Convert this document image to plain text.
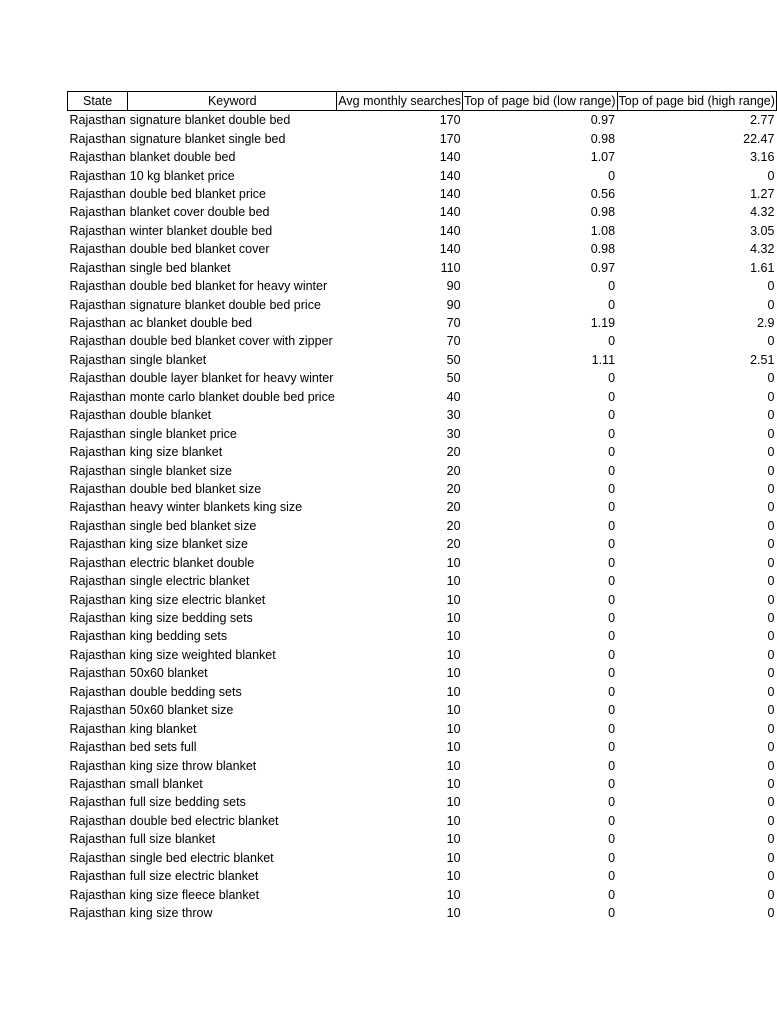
State	Keyword	Avg monthly searches	Top of page bid (low range)	Top of page bid (high range)
Rajasthan	signature blanket double bed	170	0.97	2.77
Rajasthan	signature blanket single bed	170	0.98	22.47
Rajasthan	blanket double bed	140	1.07	3.16
Rajasthan	10 kg blanket price	140	0	0
Rajasthan	double bed blanket price	140	0.56	1.27
Rajasthan	blanket cover double bed	140	0.98	4.32
Rajasthan	winter blanket double bed	140	1.08	3.05
Rajasthan	double bed blanket cover	140	0.98	4.32
Rajasthan	single bed blanket	110	0.97	1.61
Rajasthan	double bed blanket for heavy winter	90	0	0
Rajasthan	signature blanket double bed price	90	0	0
Rajasthan	ac blanket double bed	70	1.19	2.9
Rajasthan	double bed blanket cover with zipper	70	0	0
Rajasthan	single blanket	50	1.11	2.51
Rajasthan	double layer blanket for heavy winter	50	0	0
Rajasthan	monte carlo blanket double bed price	40	0	0
Rajasthan	double blanket	30	0	0
Rajasthan	single blanket price	30	0	0
Rajasthan	king size blanket	20	0	0
Rajasthan	single blanket size	20	0	0
Rajasthan	double bed blanket size	20	0	0
Rajasthan	heavy winter blankets king size	20	0	0
Rajasthan	single bed blanket size	20	0	0
Rajasthan	king size blanket size	20	0	0
Rajasthan	electric blanket double	10	0	0
Rajasthan	single electric blanket	10	0	0
Rajasthan	king size electric blanket	10	0	0
Rajasthan	king size bedding sets	10	0	0
Rajasthan	king bedding sets	10	0	0
Rajasthan	king size weighted blanket	10	0	0
Rajasthan	50x60 blanket	10	0	0
Rajasthan	double bedding sets	10	0	0
Rajasthan	50x60 blanket size	10	0	0
Rajasthan	king blanket	10	0	0
Rajasthan	bed sets full	10	0	0
Rajasthan	king size throw blanket	10	0	0
Rajasthan	small blanket	10	0	0
Rajasthan	full size bedding sets	10	0	0
Rajasthan	double bed electric blanket	10	0	0
Rajasthan	full size blanket	10	0	0
Rajasthan	single bed electric blanket	10	0	0
Rajasthan	full size electric blanket	10	0	0
Rajasthan	king size fleece blanket	10	0	0
Rajasthan	king size throw	10	0	0
